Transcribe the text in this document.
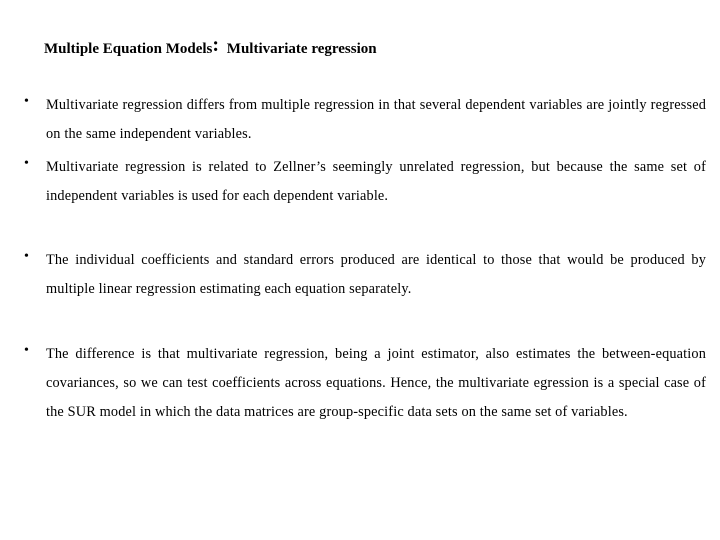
Multiple Equation Models: Multivariate regression
• Multivariate regression differs from multiple regression in that several dependent variables are jointly regressed on the same independent variables.
• Multivariate regression is related to Zellner’s seemingly unrelated regression, but because the same set of independent variables is used for each dependent variable.
• The individual coefficients and standard errors produced are identical to those that would be produced by multiple linear regression estimating each equation separately.
• The difference is that multivariate regression, being a joint estimator, also estimates the between-equation covariances, so we can test coefficients across equations. Hence, the multivariate egression is a special case of the SUR model in which the data matrices are group-specific data sets on the same set of variables.
